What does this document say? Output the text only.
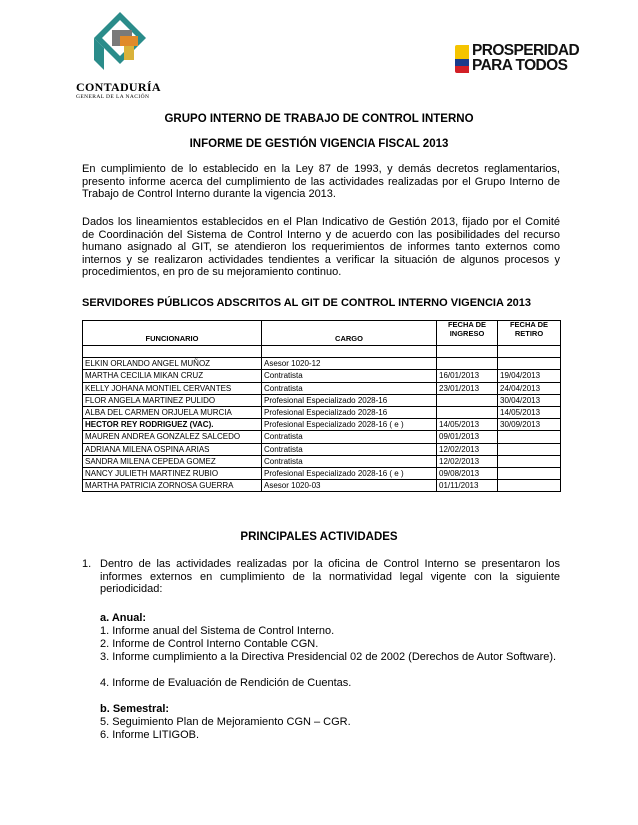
CONTADURÍA
GENERAL DE LA NACIÓN
PROSPERIDAD
PARA TODOS
GRUPO INTERNO DE TRABAJO DE CONTROL INTERNO
INFORME DE GESTIÓN VIGENCIA FISCAL 2013
En cumplimiento de lo establecido en la Ley 87 de 1993, y demás decretos reglamentarios, presento informe acerca del cumplimiento de las actividades realizadas por el Grupo Interno de Trabajo de Control Interno durante la vigencia 2013.
Dados los lineamientos establecidos en el Plan Indicativo de Gestión 2013, fijado por el Comité de Coordinación del Sistema de Control Interno y de acuerdo con las posibilidades del recurso humano asignado al GIT, se atendieron los requerimientos de informes tanto externos como internos y se realizaron actividades tendientes a verificar la situación de algunos procesos y procedimientos, en pro de su mejoramiento continuo.
SERVIDORES PÚBLICOS ADSCRITOS AL GIT DE CONTROL INTERNO VIGENCIA 2013
FUNCIONARIO	CARGO	FECHA DE INGRESO	FECHA DE RETIRO

ELKIN ORLANDO ANGEL MUÑOZ	Asesor 1020-12		
MARTHA CECILIA MIKAN CRUZ	Contratista	16/01/2013	19/04/2013
KELLY JOHANA MONTIEL CERVANTES	Contratista	23/01/2013	24/04/2013
FLOR ANGELA MARTINEZ PULIDO	Profesional Especializado 2028-16		30/04/2013
ALBA DEL CARMEN ORJUELA MURCIA	Profesional Especializado 2028-16		14/05/2013
HECTOR REY RODRIGUEZ (VAC).	Profesional Especializado 2028-16 ( e )	14/05/2013	30/09/2013
MAUREN ANDREA GONZALEZ SALCEDO	Contratista	09/01/2013	
ADRIANA MILENA OSPINA ARIAS	Contratista	12/02/2013	
SANDRA MILENA CEPEDA GOMEZ	Contratista	12/02/2013	
NANCY JULIETH MARTINEZ RUBIO	Profesional Especializado 2028-16 ( e )	09/08/2013	
MARTHA PATRICIA ZORNOSA GUERRA	Asesor 1020-03	01/11/2013	
PRINCIPALES ACTIVIDADES
1. Dentro de las actividades realizadas por la oficina de Control Interno se presentaron los informes externos en cumplimiento de la normatividad legal vigente con la siguiente periodicidad:
a. Anual:
1. Informe anual del Sistema de Control Interno.
2. Informe de Control Interno Contable CGN.
3. Informe cumplimiento a la Directiva Presidencial 02 de 2002 (Derechos de Autor Software).
4. Informe de Evaluación de Rendición de Cuentas.
b. Semestral:
5. Seguimiento Plan de Mejoramiento CGN – CGR.
6. Informe LITIGOB.
